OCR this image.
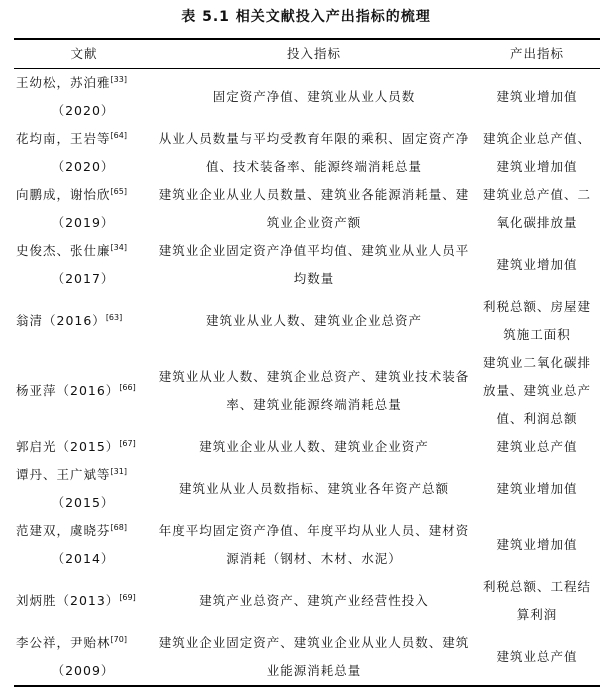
表 5.1 相关文献投入产出指标的梳理
文献	投入指标	产出指标
王幼松，苏泊雅[33]
（2020）	固定资产净值、建筑业从业人员数	建筑业增加值
花均南，王岩等[64]
（2020）	从业人员数量与平均受教育年限的乘积、固定资产净值、技术装备率、能源终端消耗总量	建筑企业总产值、建筑业增加值
向鹏成，谢怡欣[65]
（2019）	建筑业企业从业人员数量、建筑业各能源消耗量、建筑业企业资产额	建筑业总产值、二氧化碳排放量
史俊杰、张仕廉[34]
（2017）	建筑业企业固定资产净值平均值、建筑业从业人员平均数量	建筑业增加值
翁清（2016）[63]	建筑业从业人数、建筑业企业总资产	利税总额、房屋建筑施工面积
杨亚萍（2016）[66]	建筑业从业人数、建筑企业总资产、建筑业技术装备率、建筑业能源终端消耗总量	建筑业二氧化碳排放量、建筑业总产值、利润总额
郭启光（2015）[67]	建筑业企业从业人数、建筑业企业资产	建筑业总产值
谭丹、王广斌等[31]
（2015）	建筑业从业人员数指标、建筑业各年资产总额	建筑业增加值
范建双，虞晓芬[68]
（2014）	年度平均固定资产净值、年度平均从业人员、建材资源消耗（钢材、木材、水泥）	建筑业增加值
刘炳胜（2013）[69]	建筑产业总资产、建筑产业经营性投入	利税总额、工程结算利润
李公祥，尹贻林[70]
（2009）	建筑业企业固定资产、建筑业企业从业人员数、建筑业能源消耗总量	建筑业总产值
